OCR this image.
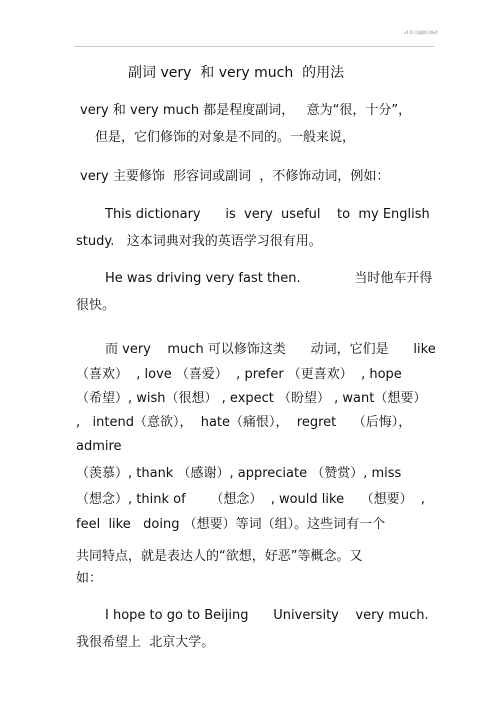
v1.0 可编辑可修改
副词 very  和 very much  的用法
very 和 very much 都是程度副词，   意为“很，十分”，
但是，它们修饰的对象是不同的。一般来说，
very 主要修饰  形容词或副词  ，不修饰动词，例如：
This dictionary      is  very  useful    to  my English
study.   这本词典对我的英语学习很有用。
He was driving very fast then.             当时他车开得
很快。
而 very    much 可以修饰这类      动词，它们是      like
（喜欢）  , love （喜爱）  , prefer （更喜欢）  , hope
（希望）, wish（很想） , expect （盼望） , want（想要）
,   intend（意欲），  hate（痛恨），  regret    （后悔），
admire
（羡慕）, thank （感谢）, appreciate （赞赏）, miss
（想念）, think of      （想念）  , would like    （想要）  ,
feel  like   doing （想要）等词（组）。这些词有一个
共同特点，就是表达人的“欲想，好恶”等概念。又
如：
I hope to go to Beijing      University    very much.
我很希望上  北京大学。
